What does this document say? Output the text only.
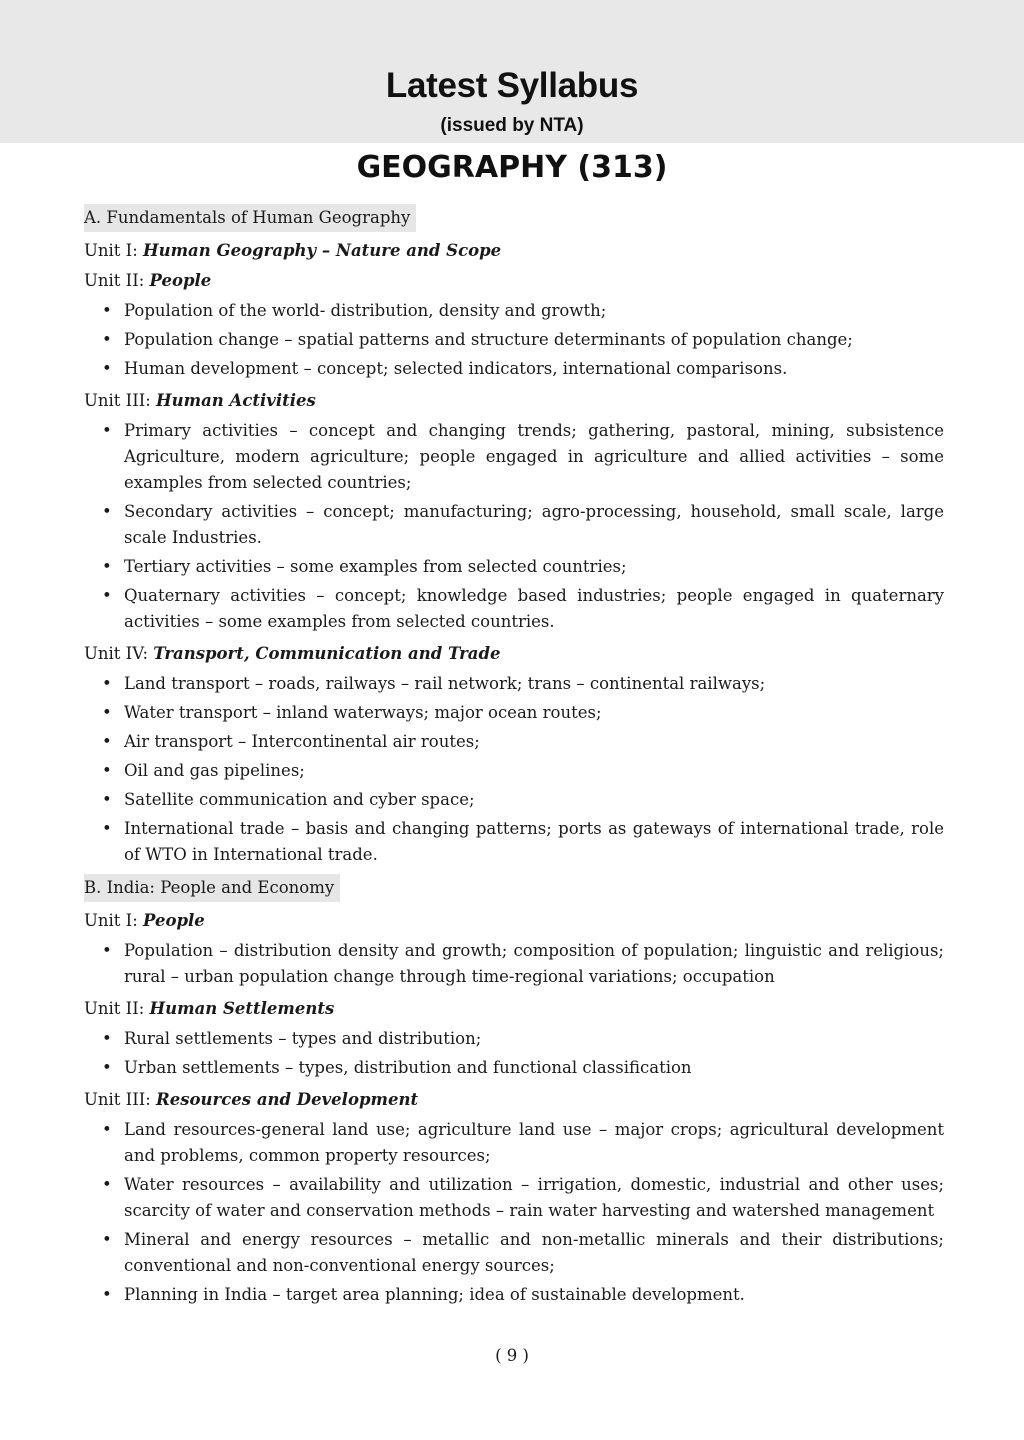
Latest Syllabus
(issued by NTA)
GEOGRAPHY (313)
A. Fundamentals of Human Geography
Unit I: Human Geography – Nature and Scope
Unit II: People
• Population of the world- distribution, density and growth;
• Population change – spatial patterns and structure determinants of population change;
• Human development – concept; selected indicators, international comparisons.
Unit III: Human Activities
• Primary activities – concept and changing trends; gathering, pastoral, mining, subsistence Agriculture, modern agriculture; people engaged in agriculture and allied activities – some examples from selected countries;
• Secondary activities – concept; manufacturing; agro-processing, household, small scale, large scale Industries.
• Tertiary activities – some examples from selected countries;
• Quaternary activities – concept; knowledge based industries; people engaged in quaternary activities – some examples from selected countries.
Unit IV: Transport, Communication and Trade
• Land transport – roads, railways – rail network; trans – continental railways;
• Water transport – inland waterways; major ocean routes;
• Air transport – Intercontinental air routes;
• Oil and gas pipelines;
• Satellite communication and cyber space;
• International trade – basis and changing patterns; ports as gateways of international trade, role of WTO in International trade.
B. India: People and Economy
Unit I: People
• Population – distribution density and growth; composition of population; linguistic and religious; rural – urban population change through time-regional variations; occupation
Unit II: Human Settlements
• Rural settlements – types and distribution;
• Urban settlements – types, distribution and functional classification
Unit III: Resources and Development
• Land resources-general land use; agriculture land use – major crops; agricultural development and problems, common property resources;
• Water resources – availability and utilization – irrigation, domestic, industrial and other uses; scarcity of water and conservation methods – rain water harvesting and watershed management
• Mineral and energy resources – metallic and non-metallic minerals and their distributions; conventional and non-conventional energy sources;
• Planning in India – target area planning; idea of sustainable development.
( 9 )
